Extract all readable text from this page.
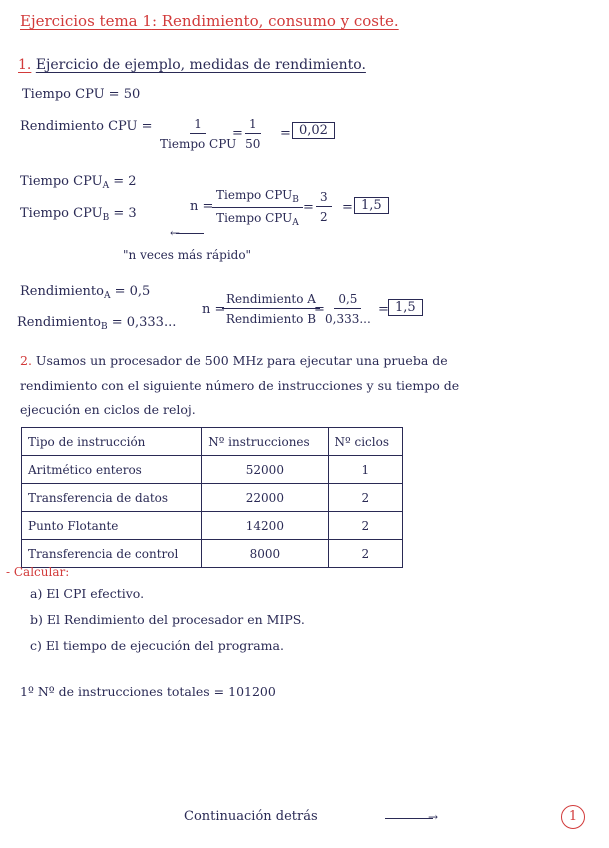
Ejercicios tema 1: Rendimiento, consumo y coste.
1. Ejercicio de ejemplo, medidas de rendimiento.
Tiempo CPU = 50
Rendimiento CPU =	1
Tiempo CPU
= $\frac{1}{50} = 0,02$
Tiempo $CPU_A = 2$
Tiempo $CPU_B = 3$	n =
Tiempo $CPU_B$
Tiempo $CPU_A$
= $\frac{3}{2} = 1,5$
←
"n veces más rápido"
Rendimiento$_A$ = 0,5
Rendimiento$_B$ = 0,333...
n =
Rendimiento A
Rendimiento B
= $\frac{0,5}{0,333...} = 1,5$
2. Usamos un procesador de 500 MHz para ejecutar una prueba de
rendimiento con el siguiente número de instrucciones y su tiempo de
ejecución en ciclos de reloj.
Tipo de instrucción	Nº instrucciones	Nº ciclos
Aritmético enteros	52000	1
Transferencia de datos	22000	2
Punto Flotante	14200	2
Transferencia de control	8000	2
- Calcular:
a) El CPI efectivo.
b) El Rendimiento del procesador en MIPS.
c) El tiempo de ejecución del programa.
1º Nº de instrucciones totales = 101200
Continuación detrás	→	1
